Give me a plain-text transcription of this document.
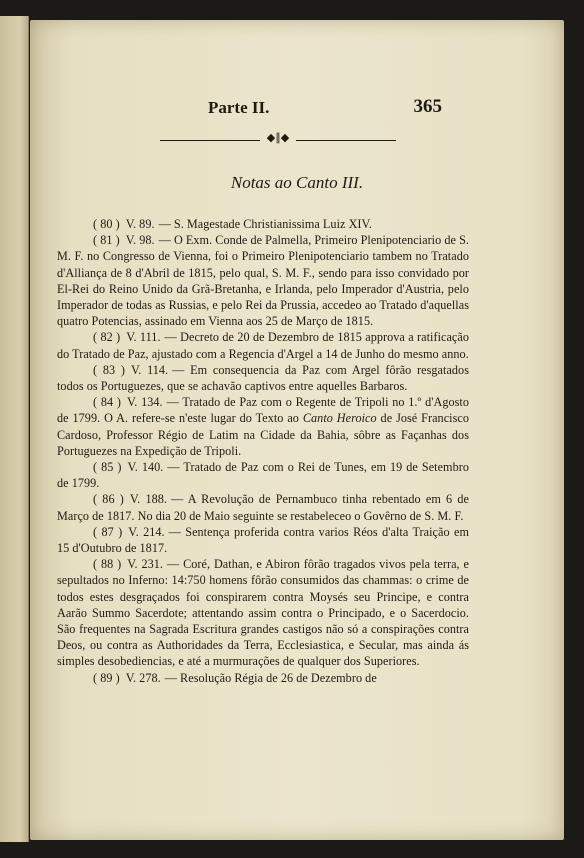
Parte II.	365
◆∥◆
Notas ao Canto III.

( 80 ) V. 89. — S. Magestade Christianissima Luiz XIV.

( 81 ) V. 98. — O Exm. Conde de Palmella, Primeiro Plenipotenciario de S. M. F. no Congresso de Vienna, foi o Primeiro Plenipotenciario tambem no Tratado d'Alliança de 8 d'Abril de 1815, pelo qual, S. M. F., sendo para isso convidado por El-Rei do Reino Unido da Grã-Bretanha, e Irlanda, pelo Imperador d'Austria, pelo Imperador de todas as Russias, e pelo Rei da Prussia, accedeo ao Tratado d'aquellas quatro Potencias, assinado em Vienna aos 25 de Março de 1815.

( 82 ) V. 111. — Decreto de 20 de Dezembro de 1815 approva a ratificação do Tratado de Paz, ajustado com a Regencia d'Argel a 14 de Junho do mesmo anno.

( 83 ) V. 114. — Em consequencia da Paz com Argel fôrão resgatados todos os Portuguezes, que se achavão captivos entre aquelles Barbaros.

( 84 ) V. 134. — Tratado de Paz com o Regente de Tripoli no 1.º d'Agosto de 1799. O A. refere-se n'este lugar do Texto ao Canto Heroico de José Francisco Cardoso, Professor Régio de Latim na Cidade da Bahia, sôbre as Façanhas dos Portuguezes na Expedição de Tripoli.

( 85 ) V. 140. — Tratado de Paz com o Rei de Tunes, em 19 de Setembro de 1799.

( 86 ) V. 188. — A Revolução de Pernambuco tinha rebentado em 6 de Março de 1817. No dia 20 de Maio seguinte se restabeleceo o Govêrno de S. M. F.

( 87 ) V. 214. — Sentença proferida contra varios Réos d'alta Traição em 15 d'Outubro de 1817.

( 88 ) V. 231. — Coré, Dathan, e Abiron fôrão tragados vivos pela terra, e sepultados no Inferno: 14:750 homens fôrão consumidos das chammas: o crime de todos estes desgraçados foi conspirarem contra Moysés seu Principe, e contra Aarão Summo Sacerdote; attentando assim contra o Principado, e o Sacerdocio. São frequentes na Sagrada Escritura grandes castigos não só a conspirações contra Deos, ou contra as Authoridades da Terra, Ecclesiastica, e Secular, mas ainda ás simples desobediencias, e até a murmurações de qualquer dos Superiores.

( 89 ) V. 278. — Resolução Régia de 26 de Dezembro de
